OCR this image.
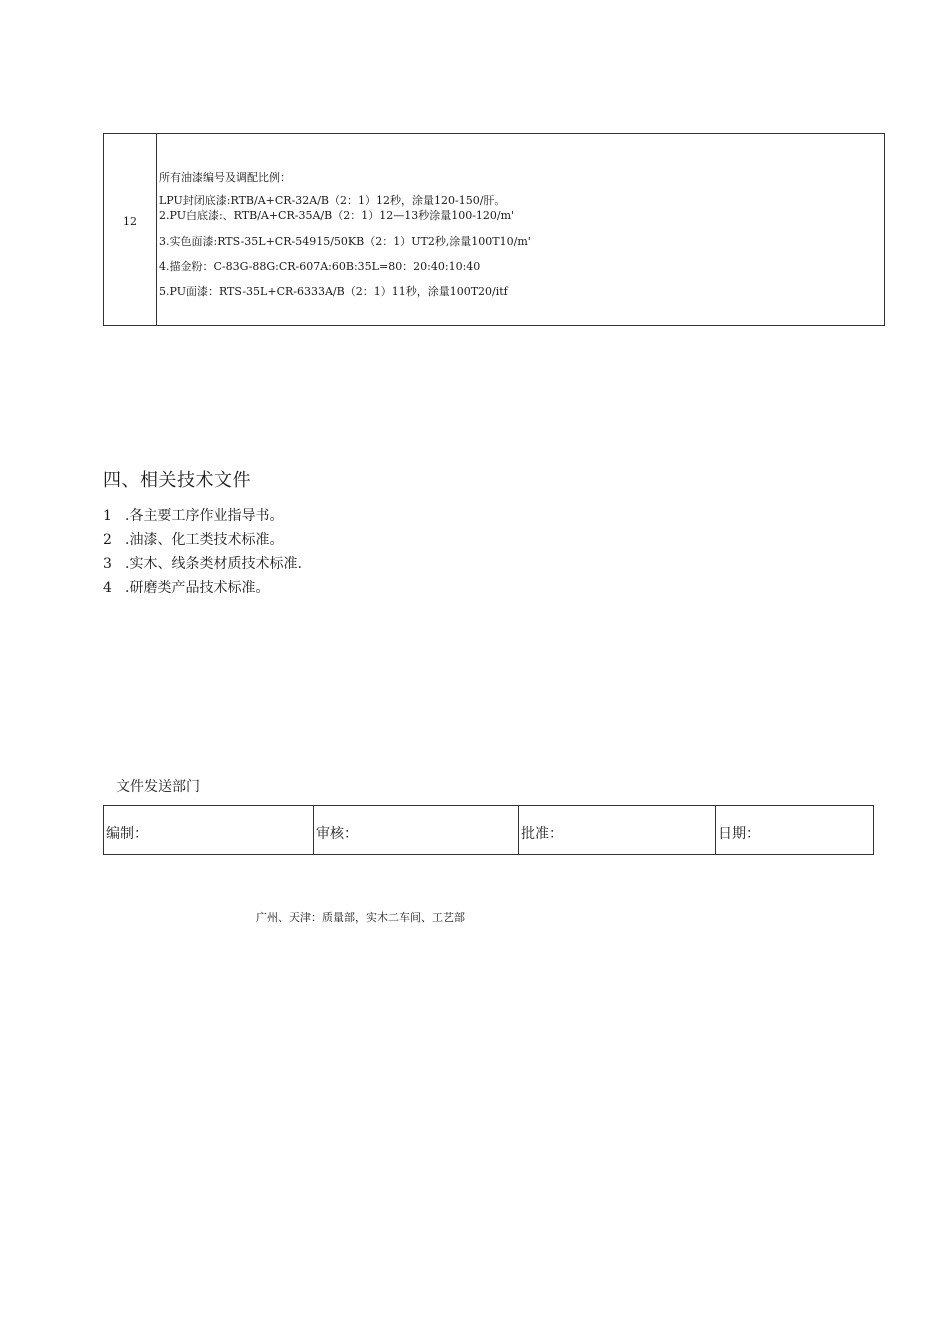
12
所有油漆编号及调配比例：
LPU封闭底漆:RTB/A+CR-32A/B（2：1）12秒，涂量120-150/肝。
2.PU白底漆:、RTB/A+CR-35A/B（2：1）12—13秒涂量100-120/m'
3.实色面漆:RTS-35L+CR-54915/50KB（2：1）UT2秒,涂量100T10/m'
4.描金粉：C-83G-88G:CR-607A:60B:35L=80：20:40:10:40
5.PU面漆：RTS-35L+CR-6333A/B（2：1）11秒，涂量100T20/itf
四、相关技术文件
1 .各主要工序作业指导书。
2 .油漆、化工类技术标准。
3 .实木、线条类材质技术标准.
4 .研磨类产品技术标准。
文件发送部门
编制：	审核：	批准：	日期：
广州、天津：质量部，实木二车间、工艺部
